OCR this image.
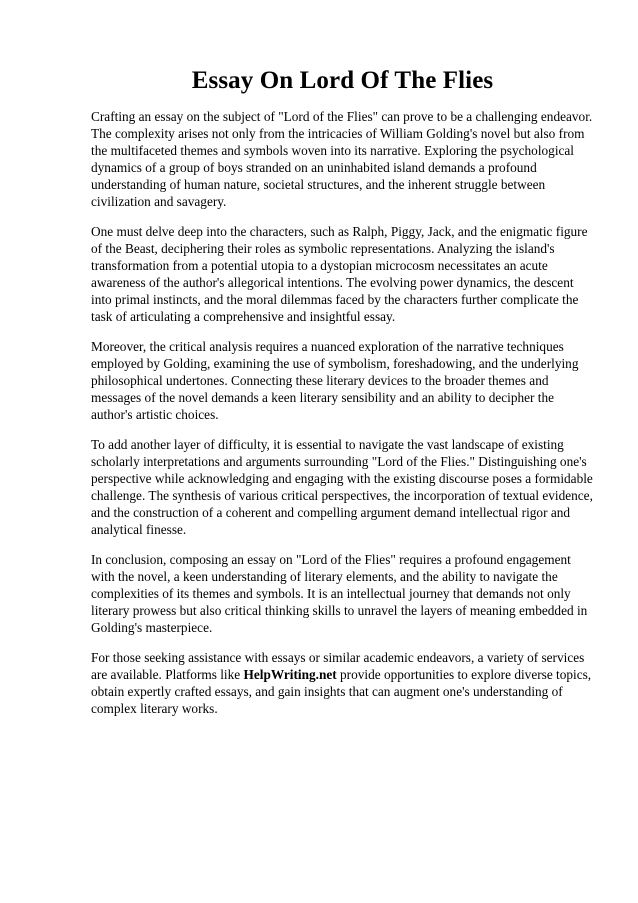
Essay On Lord Of The Flies

Crafting an essay on the subject of "Lord of the Flies" can prove to be a challenging endeavor. The complexity arises not only from the intricacies of William Golding's novel but also from the multifaceted themes and symbols woven into its narrative. Exploring the psychological dynamics of a group of boys stranded on an uninhabited island demands a profound understanding of human nature, societal structures, and the inherent struggle between civilization and savagery.

One must delve deep into the characters, such as Ralph, Piggy, Jack, and the enigmatic figure of the Beast, deciphering their roles as symbolic representations. Analyzing the island's transformation from a potential utopia to a dystopian microcosm necessitates an acute awareness of the author's allegorical intentions. The evolving power dynamics, the descent into primal instincts, and the moral dilemmas faced by the characters further complicate the task of articulating a comprehensive and insightful essay.

Moreover, the critical analysis requires a nuanced exploration of the narrative techniques employed by Golding, examining the use of symbolism, foreshadowing, and the underlying philosophical undertones. Connecting these literary devices to the broader themes and messages of the novel demands a keen literary sensibility and an ability to decipher the author's artistic choices.

To add another layer of difficulty, it is essential to navigate the vast landscape of existing scholarly interpretations and arguments surrounding "Lord of the Flies." Distinguishing one's perspective while acknowledging and engaging with the existing discourse poses a formidable challenge. The synthesis of various critical perspectives, the incorporation of textual evidence, and the construction of a coherent and compelling argument demand intellectual rigor and analytical finesse.

In conclusion, composing an essay on "Lord of the Flies" requires a profound engagement with the novel, a keen understanding of literary elements, and the ability to navigate the complexities of its themes and symbols. It is an intellectual journey that demands not only literary prowess but also critical thinking skills to unravel the layers of meaning embedded in Golding's masterpiece.

For those seeking assistance with essays or similar academic endeavors, a variety of services are available. Platforms like HelpWriting.net provide opportunities to explore diverse topics, obtain expertly crafted essays, and gain insights that can augment one's understanding of complex literary works.
